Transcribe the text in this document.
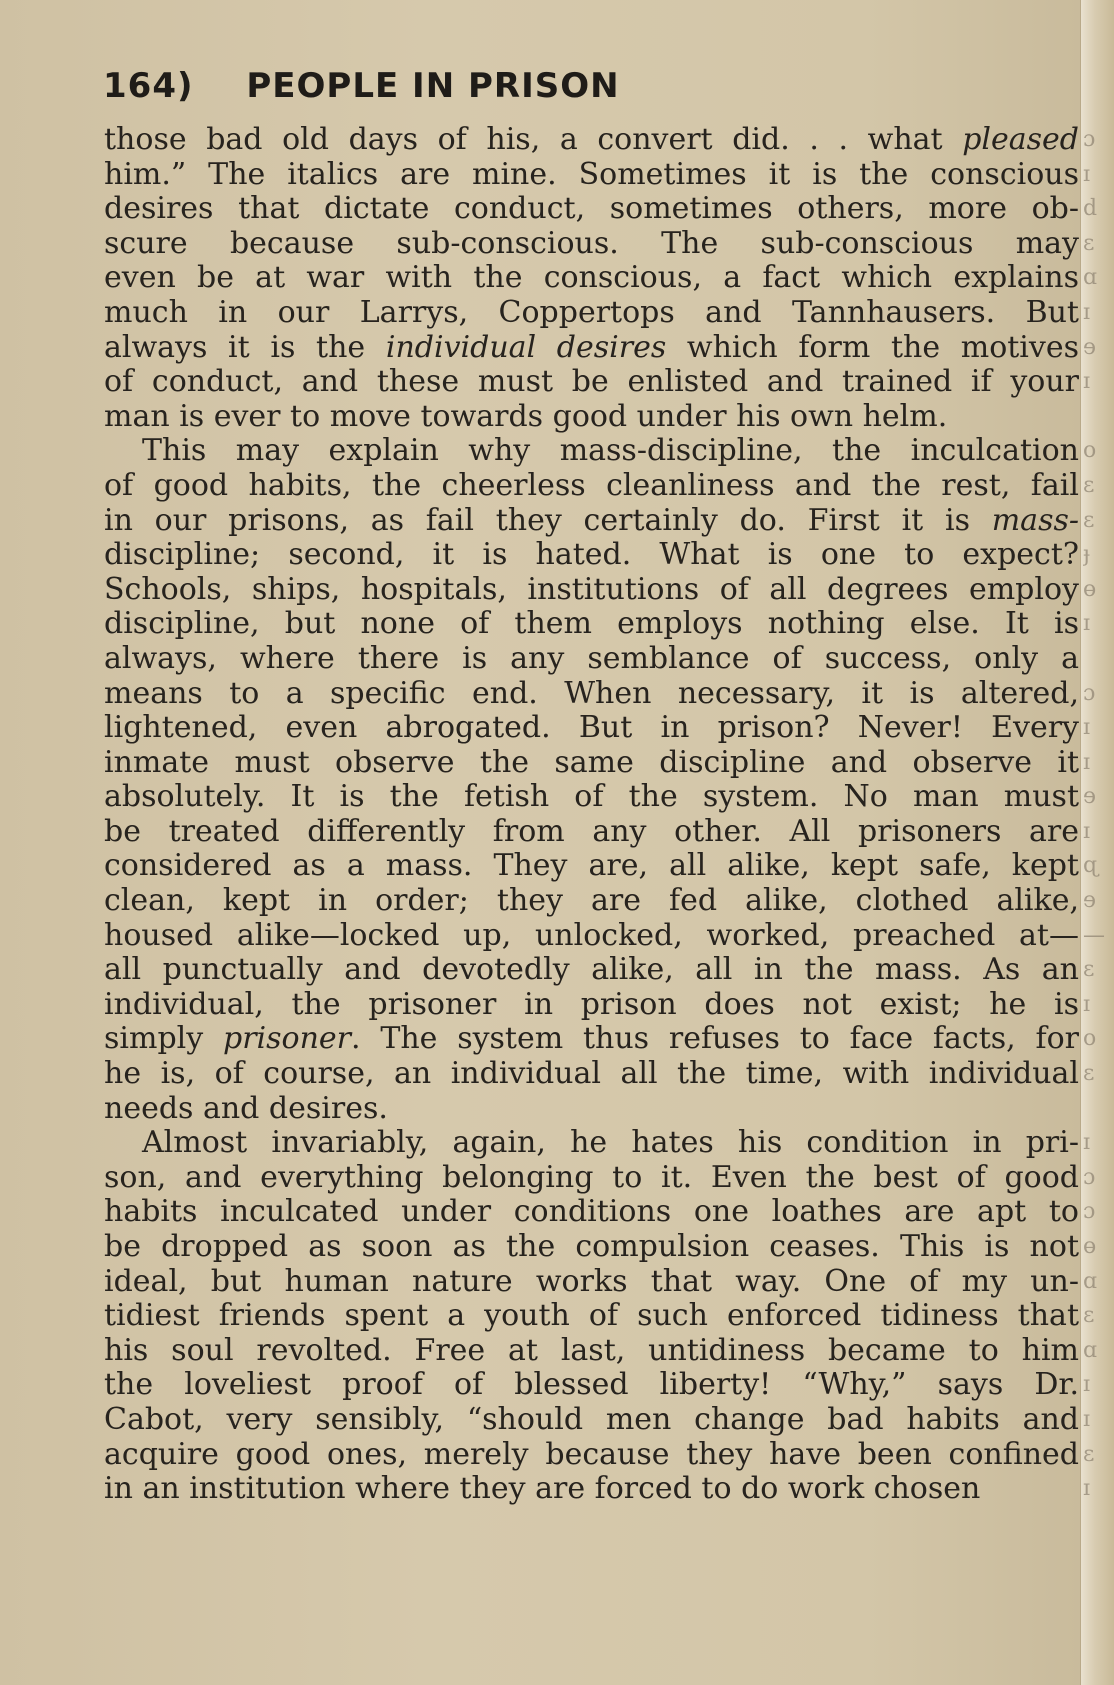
164) PEOPLE IN PRISON
those bad old days of his, a convert did. . . what pleased
him.” The italics are mine. Sometimes it is the conscious
desires that dictate conduct, sometimes others, more ob-
scure because sub-conscious. The sub-conscious may
even be at war with the conscious, a fact which explains
much in our Larrys, Coppertops and Tannhausers. But
always it is the individual desires which form the motives
of conduct, and these must be enlisted and trained if your
man is ever to move towards good under his own helm.
This may explain why mass-discipline, the inculcation
of good habits, the cheerless cleanliness and the rest, fail
in our prisons, as fail they certainly do. First it is mass-
discipline; second, it is hated. What is one to expect?
Schools, ships, hospitals, institutions of all degrees employ
discipline, but none of them employs nothing else. It is
always, where there is any semblance of success, only a
means to a specific end. When necessary, it is altered,
lightened, even abrogated. But in prison? Never! Every
inmate must observe the same discipline and observe it
absolutely. It is the fetish of the system. No man must
be treated differently from any other. All prisoners are
considered as a mass. They are, all alike, kept safe, kept
clean, kept in order; they are fed alike, clothed alike,
housed alike—locked up, unlocked, worked, preached at—
all punctually and devotedly alike, all in the mass. As an
individual, the prisoner in prison does not exist; he is
simply prisoner. The system thus refuses to face facts, for
he is, of course, an individual all the time, with individual
needs and desires.
Almost invariably, again, he hates his condition in pri-
son, and everything belonging to it. Even the best of good
habits inculcated under conditions one loathes are apt to
be dropped as soon as the compulsion ceases. This is not
ideal, but human nature works that way. One of my un-
tidiest friends spent a youth of such enforced tidiness that
his soul revolted. Free at last, untidiness became to him
the loveliest proof of blessed liberty! “Why,” says Dr.
Cabot, very sensibly, “should men change bad habits and
acquire good ones, merely because they have been confined
in an institution where they are forced to do work chosen
ɔ
ɪ
d
ɛ
ɑ
ɪ
ɘ
ɪ
o
ɛ
ɛ
ɟ
ɵ
ɪ
ɔ
ɪ
ɪ
ɘ
ɪ
ɋ
ɘ
—
ɛ
ɪ
o
ɛ
ɪ
ɔ
ɔ
ɵ
ɑ
ɛ
ɑ
ɪ
ɪ
ɛ
ɪ
